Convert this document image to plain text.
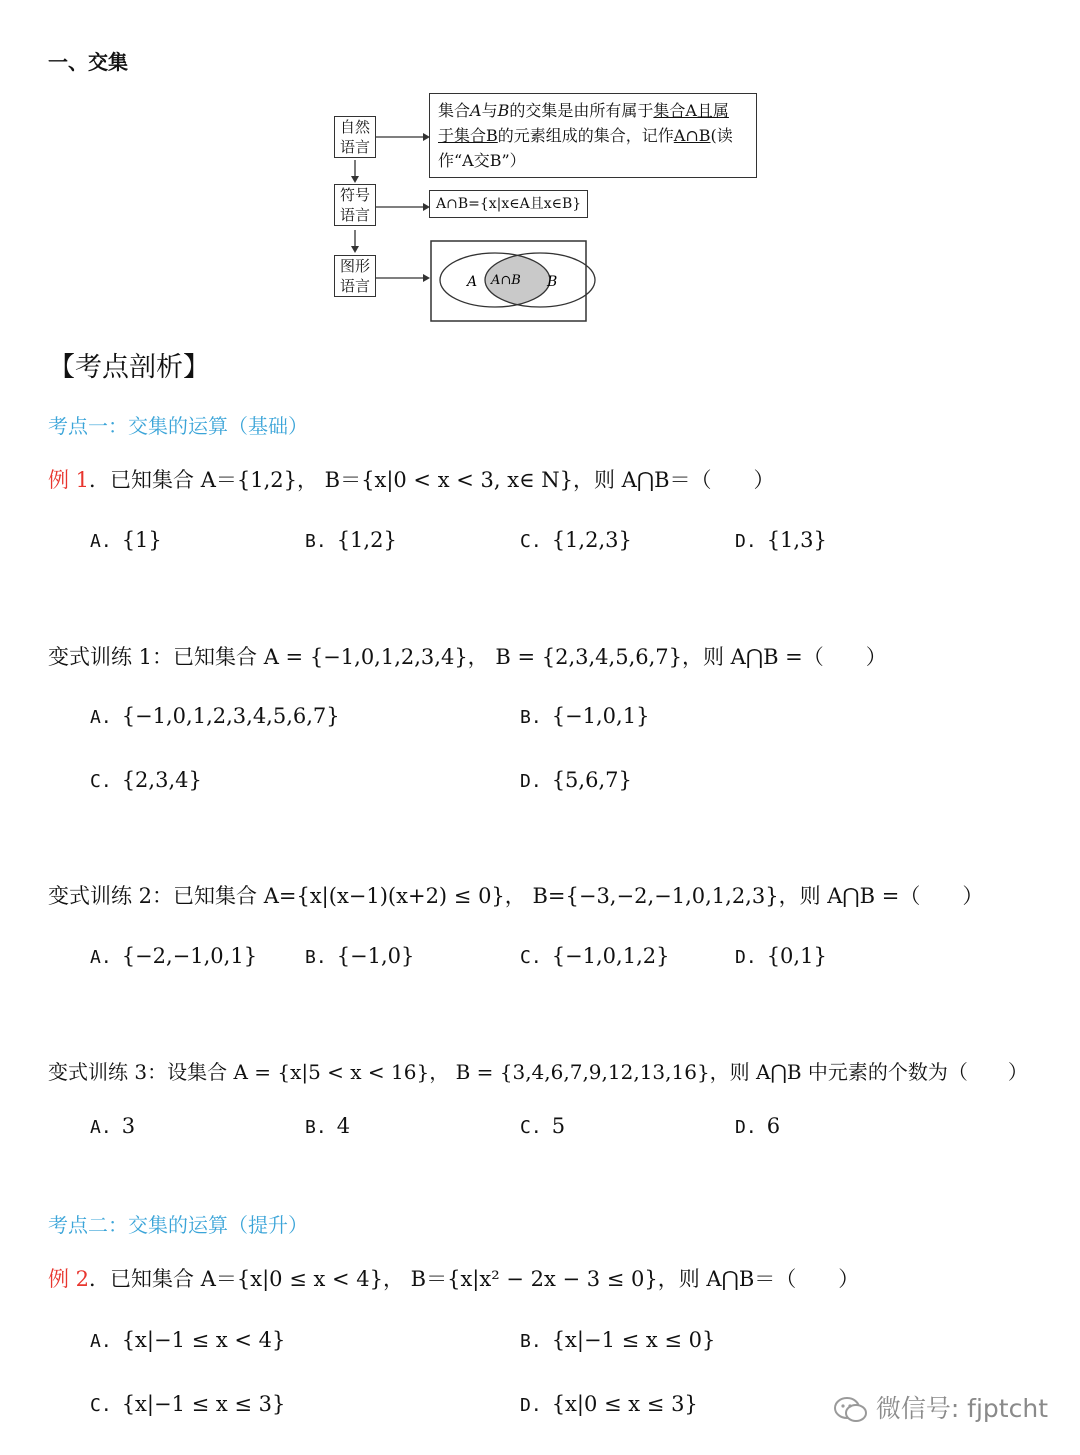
一、交集
A A∩B B
自然
语言
符号
语言
图形
语言
集合A与B的交集是由所有属于集合A且属
于集合B的元素组成的集合，记作A∩B(读
作“A交B”）
A∩B={x|x∈A且x∈B}
【考点剖析】
考点一：交集的运算（基础）
例 1．已知集合 A＝{1,2}， B＝{x|0 < x < 3, x∈ N}，则 A⋂B＝（　　）
A. {1}	B. {1,2}	C. {1,2,3}	D. {1,3}
变式训练 1：已知集合 A = {−1,0,1,2,3,4}， B = {2,3,4,5,6,7}，则 A⋂B =（　　）
A. {−1,0,1,2,3,4,5,6,7}	B. {−1,0,1}
C. {2,3,4}	D. {5,6,7}
变式训练 2：已知集合 A={x|(x−1)(x+2) ≤ 0}， B={−3,−2,−1,0,1,2,3}，则 A⋂B =（　　）
A. {−2,−1,0,1}	B. {−1,0}	C. {−1,0,1,2}	D. {0,1}
变式训练 3：设集合 A = {x|5 < x < 16}， B = {3,4,6,7,9,12,13,16}，则 A⋂B 中元素的个数为（　　）
A. 3	B. 4	C. 5	D. 6
考点二：交集的运算（提升）
例 2．已知集合 A＝{x|0 ≤ x < 4}， B＝{x|x² − 2x − 3 ≤ 0}，则 A⋂B＝（　　）
A. {x|−1 ≤ x < 4}	B. {x|−1 ≤ x ≤ 0}
C. {x|−1 ≤ x ≤ 3}	D. {x|0 ≤ x ≤ 3}	微信号: fjptcht
